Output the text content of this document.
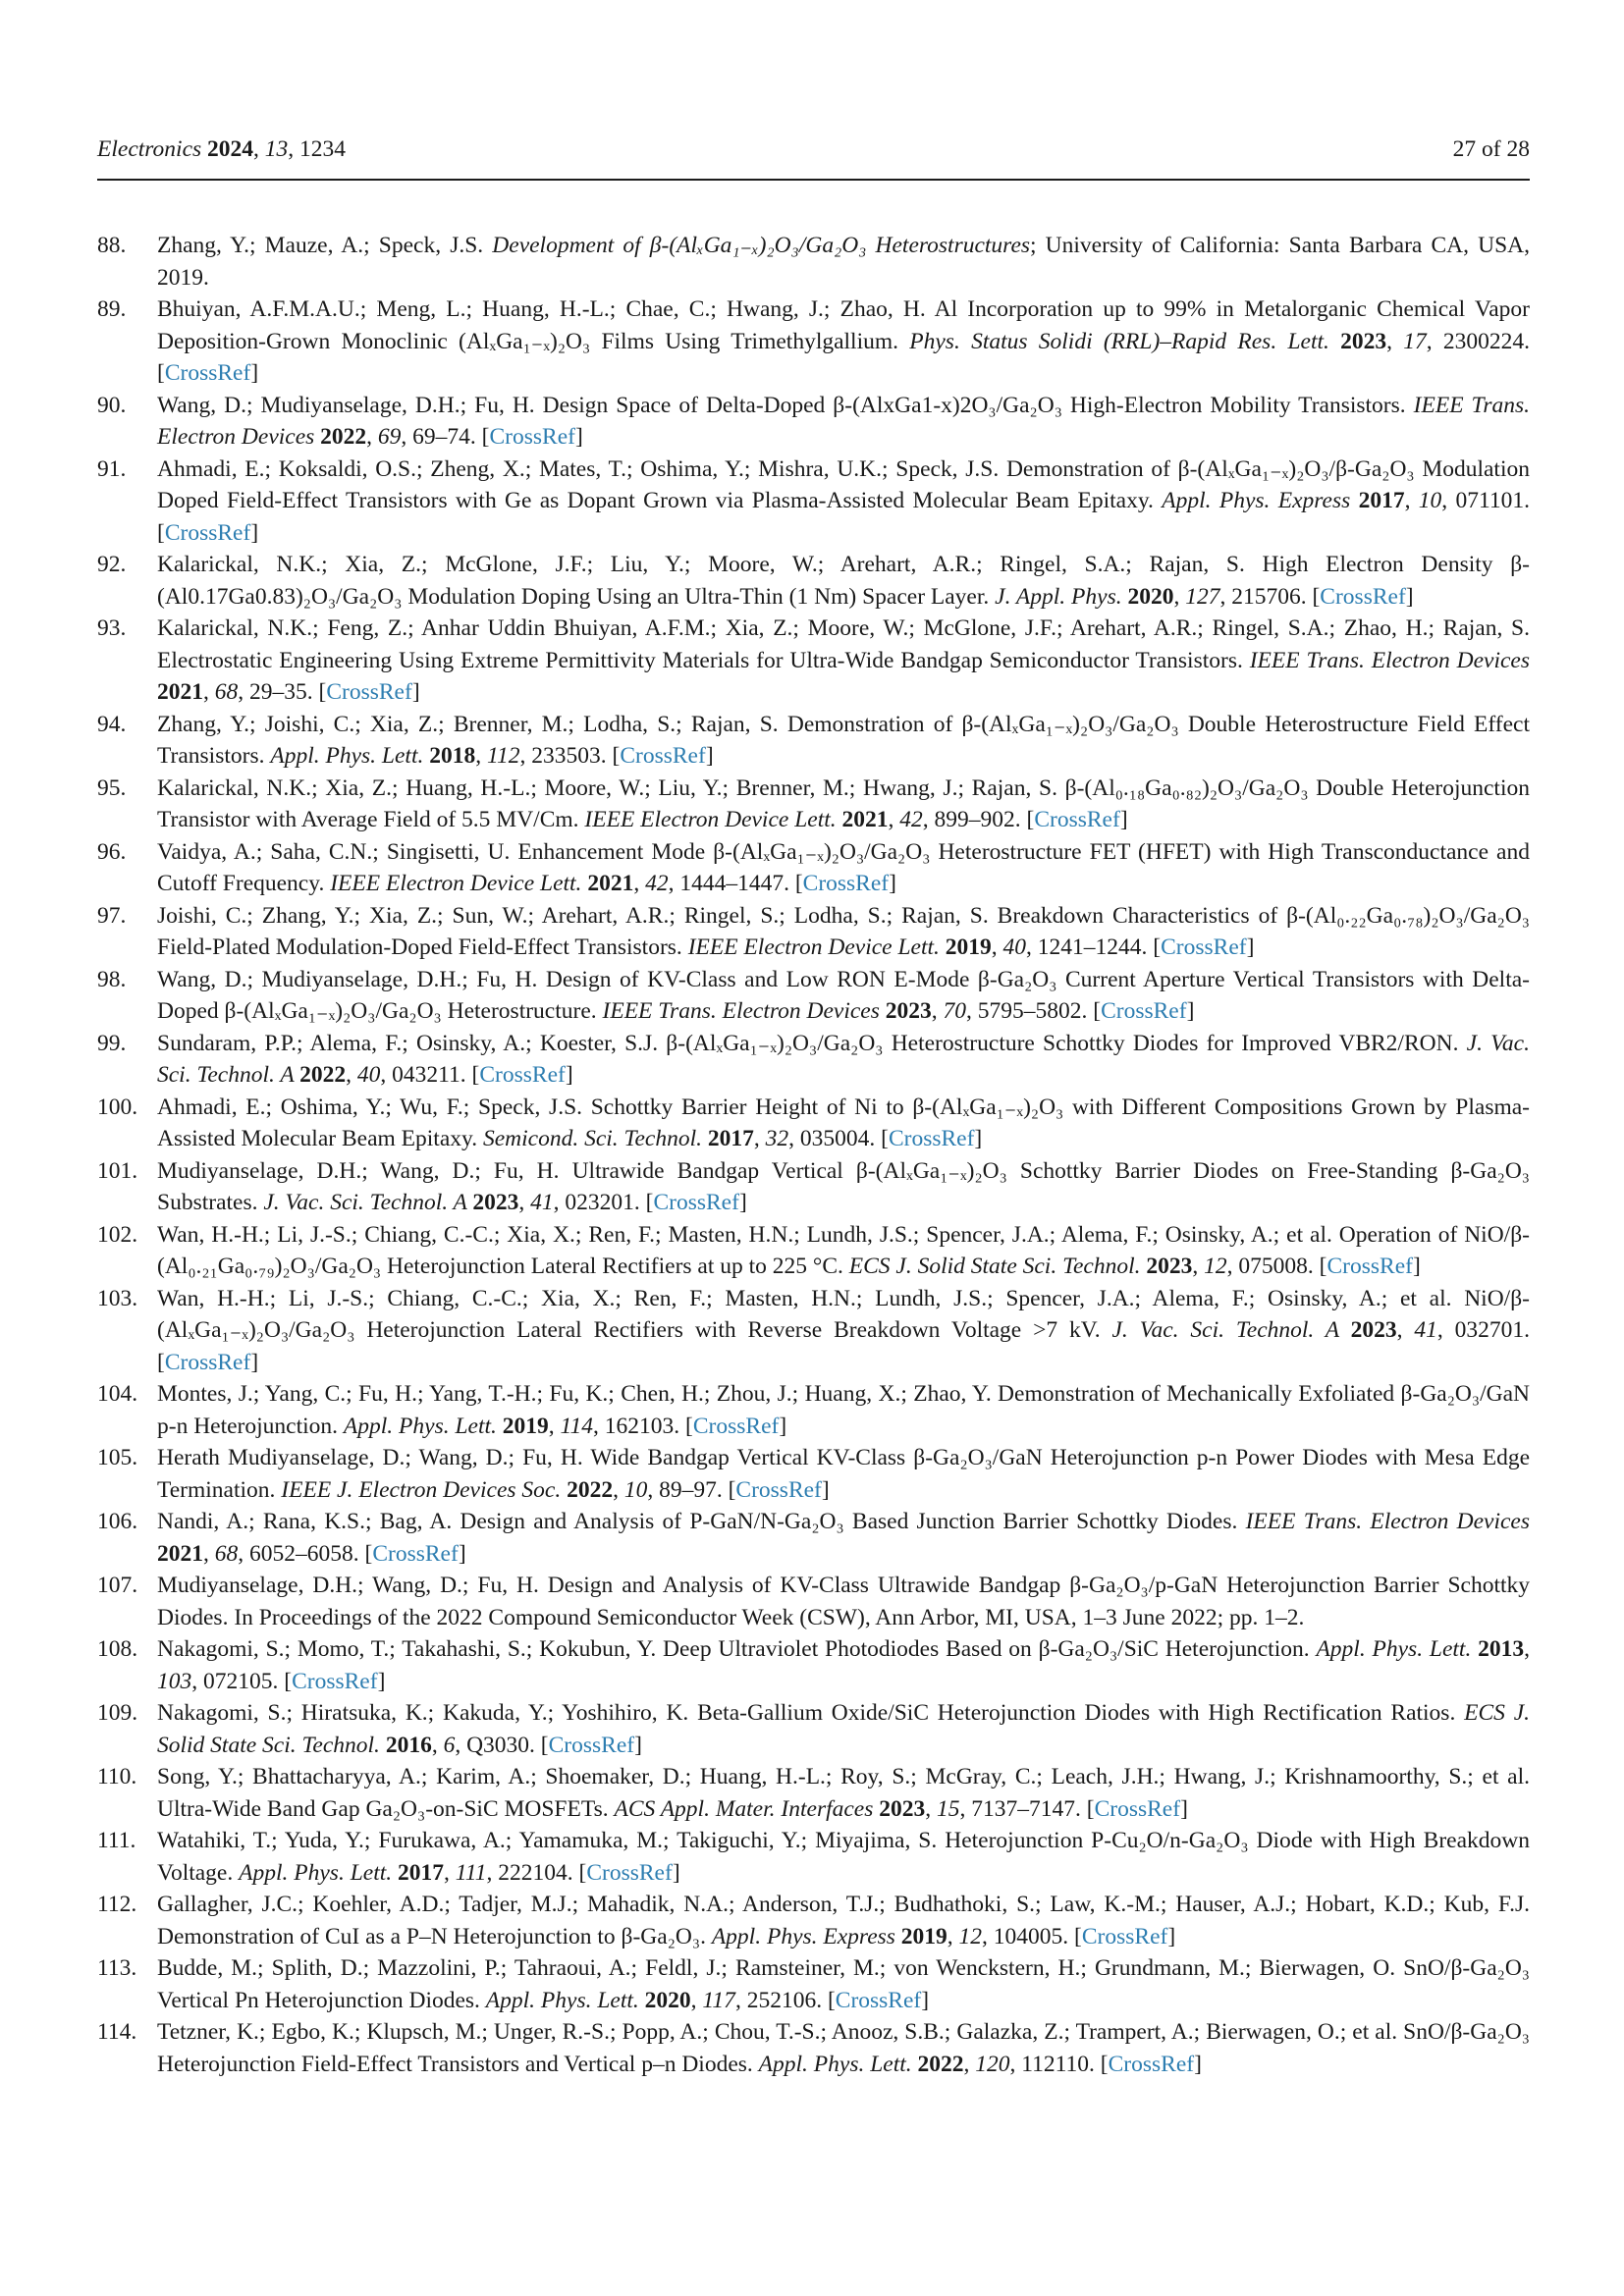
Electronics 2024, 13, 1234	27 of 28
88.	Zhang, Y.; Mauze, A.; Speck, J.S. Development of β-(AlₓGa₁₋ₓ)₂O₃/Ga₂O₃ Heterostructures; University of California: Santa Barbara CA, USA, 2019.
89.	Bhuiyan, A.F.M.A.U.; Meng, L.; Huang, H.-L.; Chae, C.; Hwang, J.; Zhao, H. Al Incorporation up to 99% in Metalorganic Chemical Vapor Deposition-Grown Monoclinic (AlₓGa₁₋ₓ)₂O₃ Films Using Trimethylgallium. Phys. Status Solidi (RRL)–Rapid Res. Lett. 2023, 17, 2300224. [CrossRef]
90.	Wang, D.; Mudiyanselage, D.H.; Fu, H. Design Space of Delta-Doped β-(AlxGa1-x)2O₃/Ga₂O₃ High-Electron Mobility Transistors. IEEE Trans. Electron Devices 2022, 69, 69–74. [CrossRef]
91.	Ahmadi, E.; Koksaldi, O.S.; Zheng, X.; Mates, T.; Oshima, Y.; Mishra, U.K.; Speck, J.S. Demonstration of β-(AlₓGa₁₋ₓ)₂O₃/β-Ga₂O₃ Modulation Doped Field-Effect Transistors with Ge as Dopant Grown via Plasma-Assisted Molecular Beam Epitaxy. Appl. Phys. Express 2017, 10, 071101. [CrossRef]
92.	Kalarickal, N.K.; Xia, Z.; McGlone, J.F.; Liu, Y.; Moore, W.; Arehart, A.R.; Ringel, S.A.; Rajan, S. High Electron Density β-(Al0.17Ga0.83)₂O₃/Ga₂O₃ Modulation Doping Using an Ultra-Thin (1 Nm) Spacer Layer. J. Appl. Phys. 2020, 127, 215706. [CrossRef]
93.	Kalarickal, N.K.; Feng, Z.; Anhar Uddin Bhuiyan, A.F.M.; Xia, Z.; Moore, W.; McGlone, J.F.; Arehart, A.R.; Ringel, S.A.; Zhao, H.; Rajan, S. Electrostatic Engineering Using Extreme Permittivity Materials for Ultra-Wide Bandgap Semiconductor Transistors. IEEE Trans. Electron Devices 2021, 68, 29–35. [CrossRef]
94.	Zhang, Y.; Joishi, C.; Xia, Z.; Brenner, M.; Lodha, S.; Rajan, S. Demonstration of β-(AlₓGa₁₋ₓ)₂O₃/Ga₂O₃ Double Heterostructure Field Effect Transistors. Appl. Phys. Lett. 2018, 112, 233503. [CrossRef]
95.	Kalarickal, N.K.; Xia, Z.; Huang, H.-L.; Moore, W.; Liu, Y.; Brenner, M.; Hwang, J.; Rajan, S. β-(Al₀.₁₈Ga₀.₈₂)₂O₃/Ga₂O₃ Double Heterojunction Transistor with Average Field of 5.5 MV/Cm. IEEE Electron Device Lett. 2021, 42, 899–902. [CrossRef]
96.	Vaidya, A.; Saha, C.N.; Singisetti, U. Enhancement Mode β-(AlₓGa₁₋ₓ)₂O₃/Ga₂O₃ Heterostructure FET (HFET) with High Transconductance and Cutoff Frequency. IEEE Electron Device Lett. 2021, 42, 1444–1447. [CrossRef]
97.	Joishi, C.; Zhang, Y.; Xia, Z.; Sun, W.; Arehart, A.R.; Ringel, S.; Lodha, S.; Rajan, S. Breakdown Characteristics of β-(Al₀.₂₂Ga₀.₇₈)₂O₃/Ga₂O₃ Field-Plated Modulation-Doped Field-Effect Transistors. IEEE Electron Device Lett. 2019, 40, 1241–1244. [CrossRef]
98.	Wang, D.; Mudiyanselage, D.H.; Fu, H. Design of KV-Class and Low RON E-Mode β-Ga₂O₃ Current Aperture Vertical Transistors with Delta-Doped β-(AlₓGa₁₋ₓ)₂O₃/Ga₂O₃ Heterostructure. IEEE Trans. Electron Devices 2023, 70, 5795–5802. [CrossRef]
99.	Sundaram, P.P.; Alema, F.; Osinsky, A.; Koester, S.J. β-(AlₓGa₁₋ₓ)₂O₃/Ga₂O₃ Heterostructure Schottky Diodes for Improved VBR2/RON. J. Vac. Sci. Technol. A 2022, 40, 043211. [CrossRef]
100. Ahmadi, E.; Oshima, Y.; Wu, F.; Speck, J.S. Schottky Barrier Height of Ni to β-(AlₓGa₁₋ₓ)₂O₃ with Different Compositions Grown by Plasma-Assisted Molecular Beam Epitaxy. Semicond. Sci. Technol. 2017, 32, 035004. [CrossRef]
101. Mudiyanselage, D.H.; Wang, D.; Fu, H. Ultrawide Bandgap Vertical β-(AlₓGa₁₋ₓ)₂O₃ Schottky Barrier Diodes on Free-Standing β-Ga₂O₃ Substrates. J. Vac. Sci. Technol. A 2023, 41, 023201. [CrossRef]
102. Wan, H.-H.; Li, J.-S.; Chiang, C.-C.; Xia, X.; Ren, F.; Masten, H.N.; Lundh, J.S.; Spencer, J.A.; Alema, F.; Osinsky, A.; et al. Operation of NiO/β-(Al₀.₂₁Ga₀.₇₉)₂O₃/Ga₂O₃ Heterojunction Lateral Rectifiers at up to 225 °C. ECS J. Solid State Sci. Technol. 2023, 12, 075008. [CrossRef]
103. Wan, H.-H.; Li, J.-S.; Chiang, C.-C.; Xia, X.; Ren, F.; Masten, H.N.; Lundh, J.S.; Spencer, J.A.; Alema, F.; Osinsky, A.; et al. NiO/β-(AlₓGa₁₋ₓ)₂O₃/Ga₂O₃ Heterojunction Lateral Rectifiers with Reverse Breakdown Voltage >7 kV. J. Vac. Sci. Technol. A 2023, 41, 032701. [CrossRef]
104. Montes, J.; Yang, C.; Fu, H.; Yang, T.-H.; Fu, K.; Chen, H.; Zhou, J.; Huang, X.; Zhao, Y. Demonstration of Mechanically Exfoliated β-Ga₂O₃/GaN p-n Heterojunction. Appl. Phys. Lett. 2019, 114, 162103. [CrossRef]
105. Herath Mudiyanselage, D.; Wang, D.; Fu, H. Wide Bandgap Vertical KV-Class β-Ga₂O₃/GaN Heterojunction p-n Power Diodes with Mesa Edge Termination. IEEE J. Electron Devices Soc. 2022, 10, 89–97. [CrossRef]
106. Nandi, A.; Rana, K.S.; Bag, A. Design and Analysis of P-GaN/N-Ga₂O₃ Based Junction Barrier Schottky Diodes. IEEE Trans. Electron Devices 2021, 68, 6052–6058. [CrossRef]
107. Mudiyanselage, D.H.; Wang, D.; Fu, H. Design and Analysis of KV-Class Ultrawide Bandgap β-Ga₂O₃/p-GaN Heterojunction Barrier Schottky Diodes. In Proceedings of the 2022 Compound Semiconductor Week (CSW), Ann Arbor, MI, USA, 1–3 June 2022; pp. 1–2.
108. Nakagomi, S.; Momo, T.; Takahashi, S.; Kokubun, Y. Deep Ultraviolet Photodiodes Based on β-Ga₂O₃/SiC Heterojunction. Appl. Phys. Lett. 2013, 103, 072105. [CrossRef]
109. Nakagomi, S.; Hiratsuka, K.; Kakuda, Y.; Yoshihiro, K. Beta-Gallium Oxide/SiC Heterojunction Diodes with High Rectification Ratios. ECS J. Solid State Sci. Technol. 2016, 6, Q3030. [CrossRef]
110. Song, Y.; Bhattacharyya, A.; Karim, A.; Shoemaker, D.; Huang, H.-L.; Roy, S.; McGray, C.; Leach, J.H.; Hwang, J.; Krishnamoorthy, S.; et al. Ultra-Wide Band Gap Ga₂O₃-on-SiC MOSFETs. ACS Appl. Mater. Interfaces 2023, 15, 7137–7147. [CrossRef]
111. Watahiki, T.; Yuda, Y.; Furukawa, A.; Yamamuka, M.; Takiguchi, Y.; Miyajima, S. Heterojunction P-Cu₂O/n-Ga₂O₃ Diode with High Breakdown Voltage. Appl. Phys. Lett. 2017, 111, 222104. [CrossRef]
112. Gallagher, J.C.; Koehler, A.D.; Tadjer, M.J.; Mahadik, N.A.; Anderson, T.J.; Budhathoki, S.; Law, K.-M.; Hauser, A.J.; Hobart, K.D.; Kub, F.J. Demonstration of CuI as a P–N Heterojunction to β-Ga₂O₃. Appl. Phys. Express 2019, 12, 104005. [CrossRef]
113. Budde, M.; Splith, D.; Mazzolini, P.; Tahraoui, A.; Feldl, J.; Ramsteiner, M.; von Wenckstern, H.; Grundmann, M.; Bierwagen, O. SnO/β-Ga₂O₃ Vertical Pn Heterojunction Diodes. Appl. Phys. Lett. 2020, 117, 252106. [CrossRef]
114. Tetzner, K.; Egbo, K.; Klupsch, M.; Unger, R.-S.; Popp, A.; Chou, T.-S.; Anooz, S.B.; Galazka, Z.; Trampert, A.; Bierwagen, O.; et al. SnO/β-Ga₂O₃ Heterojunction Field-Effect Transistors and Vertical p–n Diodes. Appl. Phys. Lett. 2022, 120, 112110. [CrossRef]
